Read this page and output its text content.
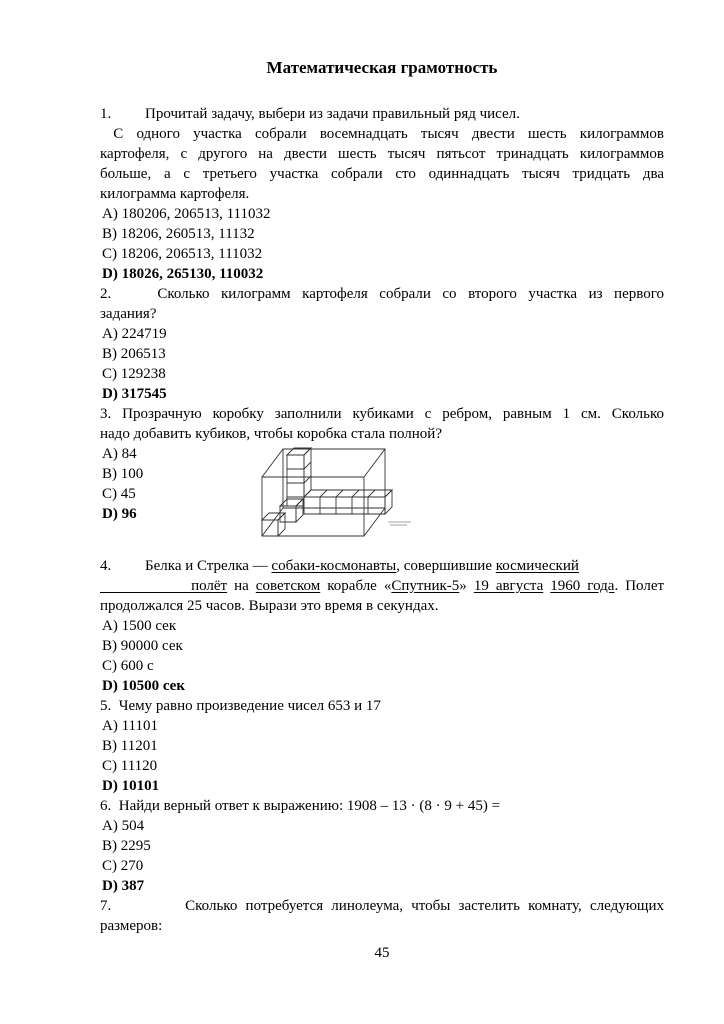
Математическая грамотность
1.         Прочитай задачу, выбери из задачи правильный ряд чисел.
С одного участка собрали восемнадцать тысяч двести шесть килограммов
картофеля, с другого на двести шесть тысяч пятьсот тринадцать килограммов
больше, а с третьего участка собрали сто одиннадцать тысяч тридцать два
килограмма картофеля.
A) 180206, 206513, 111032
B) 18206, 260513, 11132
C) 18206, 206513, 111032
D) 18026, 265130, 110032
2.    Сколько килограмм картофеля собрали со второго участка из первого
задания?
A) 224719
B) 206513
C) 129238
D) 317545
3. Прозрачную коробку заполнили кубиками с ребром, равным 1 см. Сколько
надо добавить кубиков, чтобы коробка стала полной?
A) 84
B) 100
C) 45
D) 96
4.         Белка и Стрелка — собаки-космонавты, совершившие космический
полёт на советском корабле «Спутник-5» 19 августа 1960 года. Полет
продолжался 25 часов. Вырази это время в секундах.
A) 1500 сек
B) 90000 сек
C) 600 с
D) 10500 сек
5.  Чему равно произведение чисел 653 и 17
A) 11101
B) 11201
C) 11120
D) 10101
6.  Найди верный ответ к выражению: 1908 – 13 · (8 · 9 + 45) =
A) 504
B) 2295
C) 270
D) 387
7.         Сколько потребуется линолеума, чтобы застелить комнату, следующих
размеров:
45
